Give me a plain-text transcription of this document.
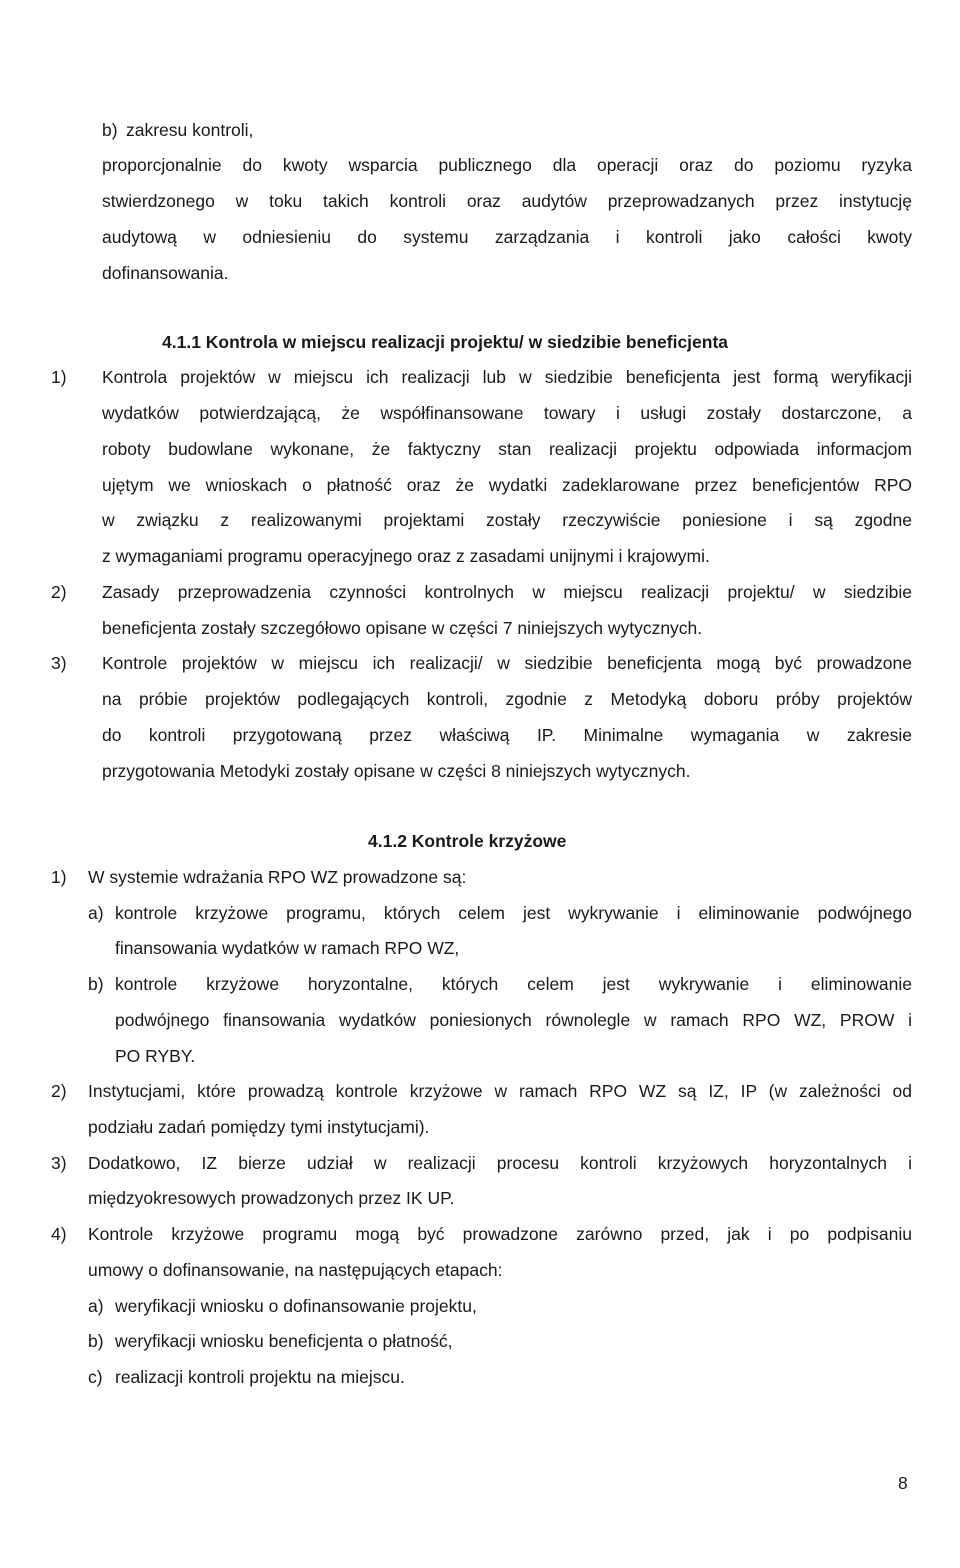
b) zakresu kontroli,
proporcjonalnie do kwoty wsparcia publicznego dla operacji oraz do poziomu ryzyka
stwierdzonego w toku takich kontroli oraz audytów przeprowadzanych przez instytucję
audytową w odniesieniu do systemu zarządzania i kontroli jako całości kwoty
dofinansowania.
4.1.1 Kontrola w miejscu realizacji projektu/ w siedzibie beneficjenta
1) Kontrola projektów w miejscu ich realizacji lub w siedzibie beneficjenta jest formą weryfikacji
wydatków potwierdzającą, że współfinansowane towary i usługi zostały dostarczone, a
roboty budowlane wykonane, że faktyczny stan realizacji projektu odpowiada informacjom
ujętym we wnioskach o płatność oraz że wydatki zadeklarowane przez beneficjentów RPO
w związku z realizowanymi projektami zostały rzeczywiście poniesione i są zgodne
z wymaganiami programu operacyjnego oraz z zasadami unijnymi i krajowymi.
2) Zasady przeprowadzenia czynności kontrolnych w miejscu realizacji projektu/ w siedzibie
beneficjenta zostały szczegółowo opisane w części 7 niniejszych wytycznych.
3) Kontrole projektów w miejscu ich realizacji/ w siedzibie beneficjenta mogą być prowadzone
na próbie projektów podlegających kontroli, zgodnie z Metodyką doboru próby projektów
do kontroli przygotowaną przez właściwą IP. Minimalne wymagania w zakresie
przygotowania Metodyki zostały opisane w części 8 niniejszych wytycznych.
4.1.2 Kontrole krzyżowe
1) W systemie wdrażania RPO WZ prowadzone są:
a) kontrole krzyżowe programu, których celem jest wykrywanie i eliminowanie podwójnego
finansowania wydatków w ramach RPO WZ,
b) kontrole krzyżowe horyzontalne, których celem jest wykrywanie i eliminowanie
podwójnego finansowania wydatków poniesionych równolegle w ramach RPO WZ, PROW i
PO RYBY.
2) Instytucjami, które prowadzą kontrole krzyżowe w ramach RPO WZ są IZ, IP (w zależności od
podziału zadań pomiędzy tymi instytucjami).
3) Dodatkowo, IZ bierze udział w realizacji procesu kontroli krzyżowych horyzontalnych i
międzyokresowych prowadzonych przez IK UP.
4) Kontrole krzyżowe programu mogą być prowadzone zarówno przed, jak i po podpisaniu
umowy o dofinansowanie, na następujących etapach:
a) weryfikacji wniosku o dofinansowanie projektu,
b) weryfikacji wniosku beneficjenta o płatność,
c) realizacji kontroli projektu na miejscu.
8
